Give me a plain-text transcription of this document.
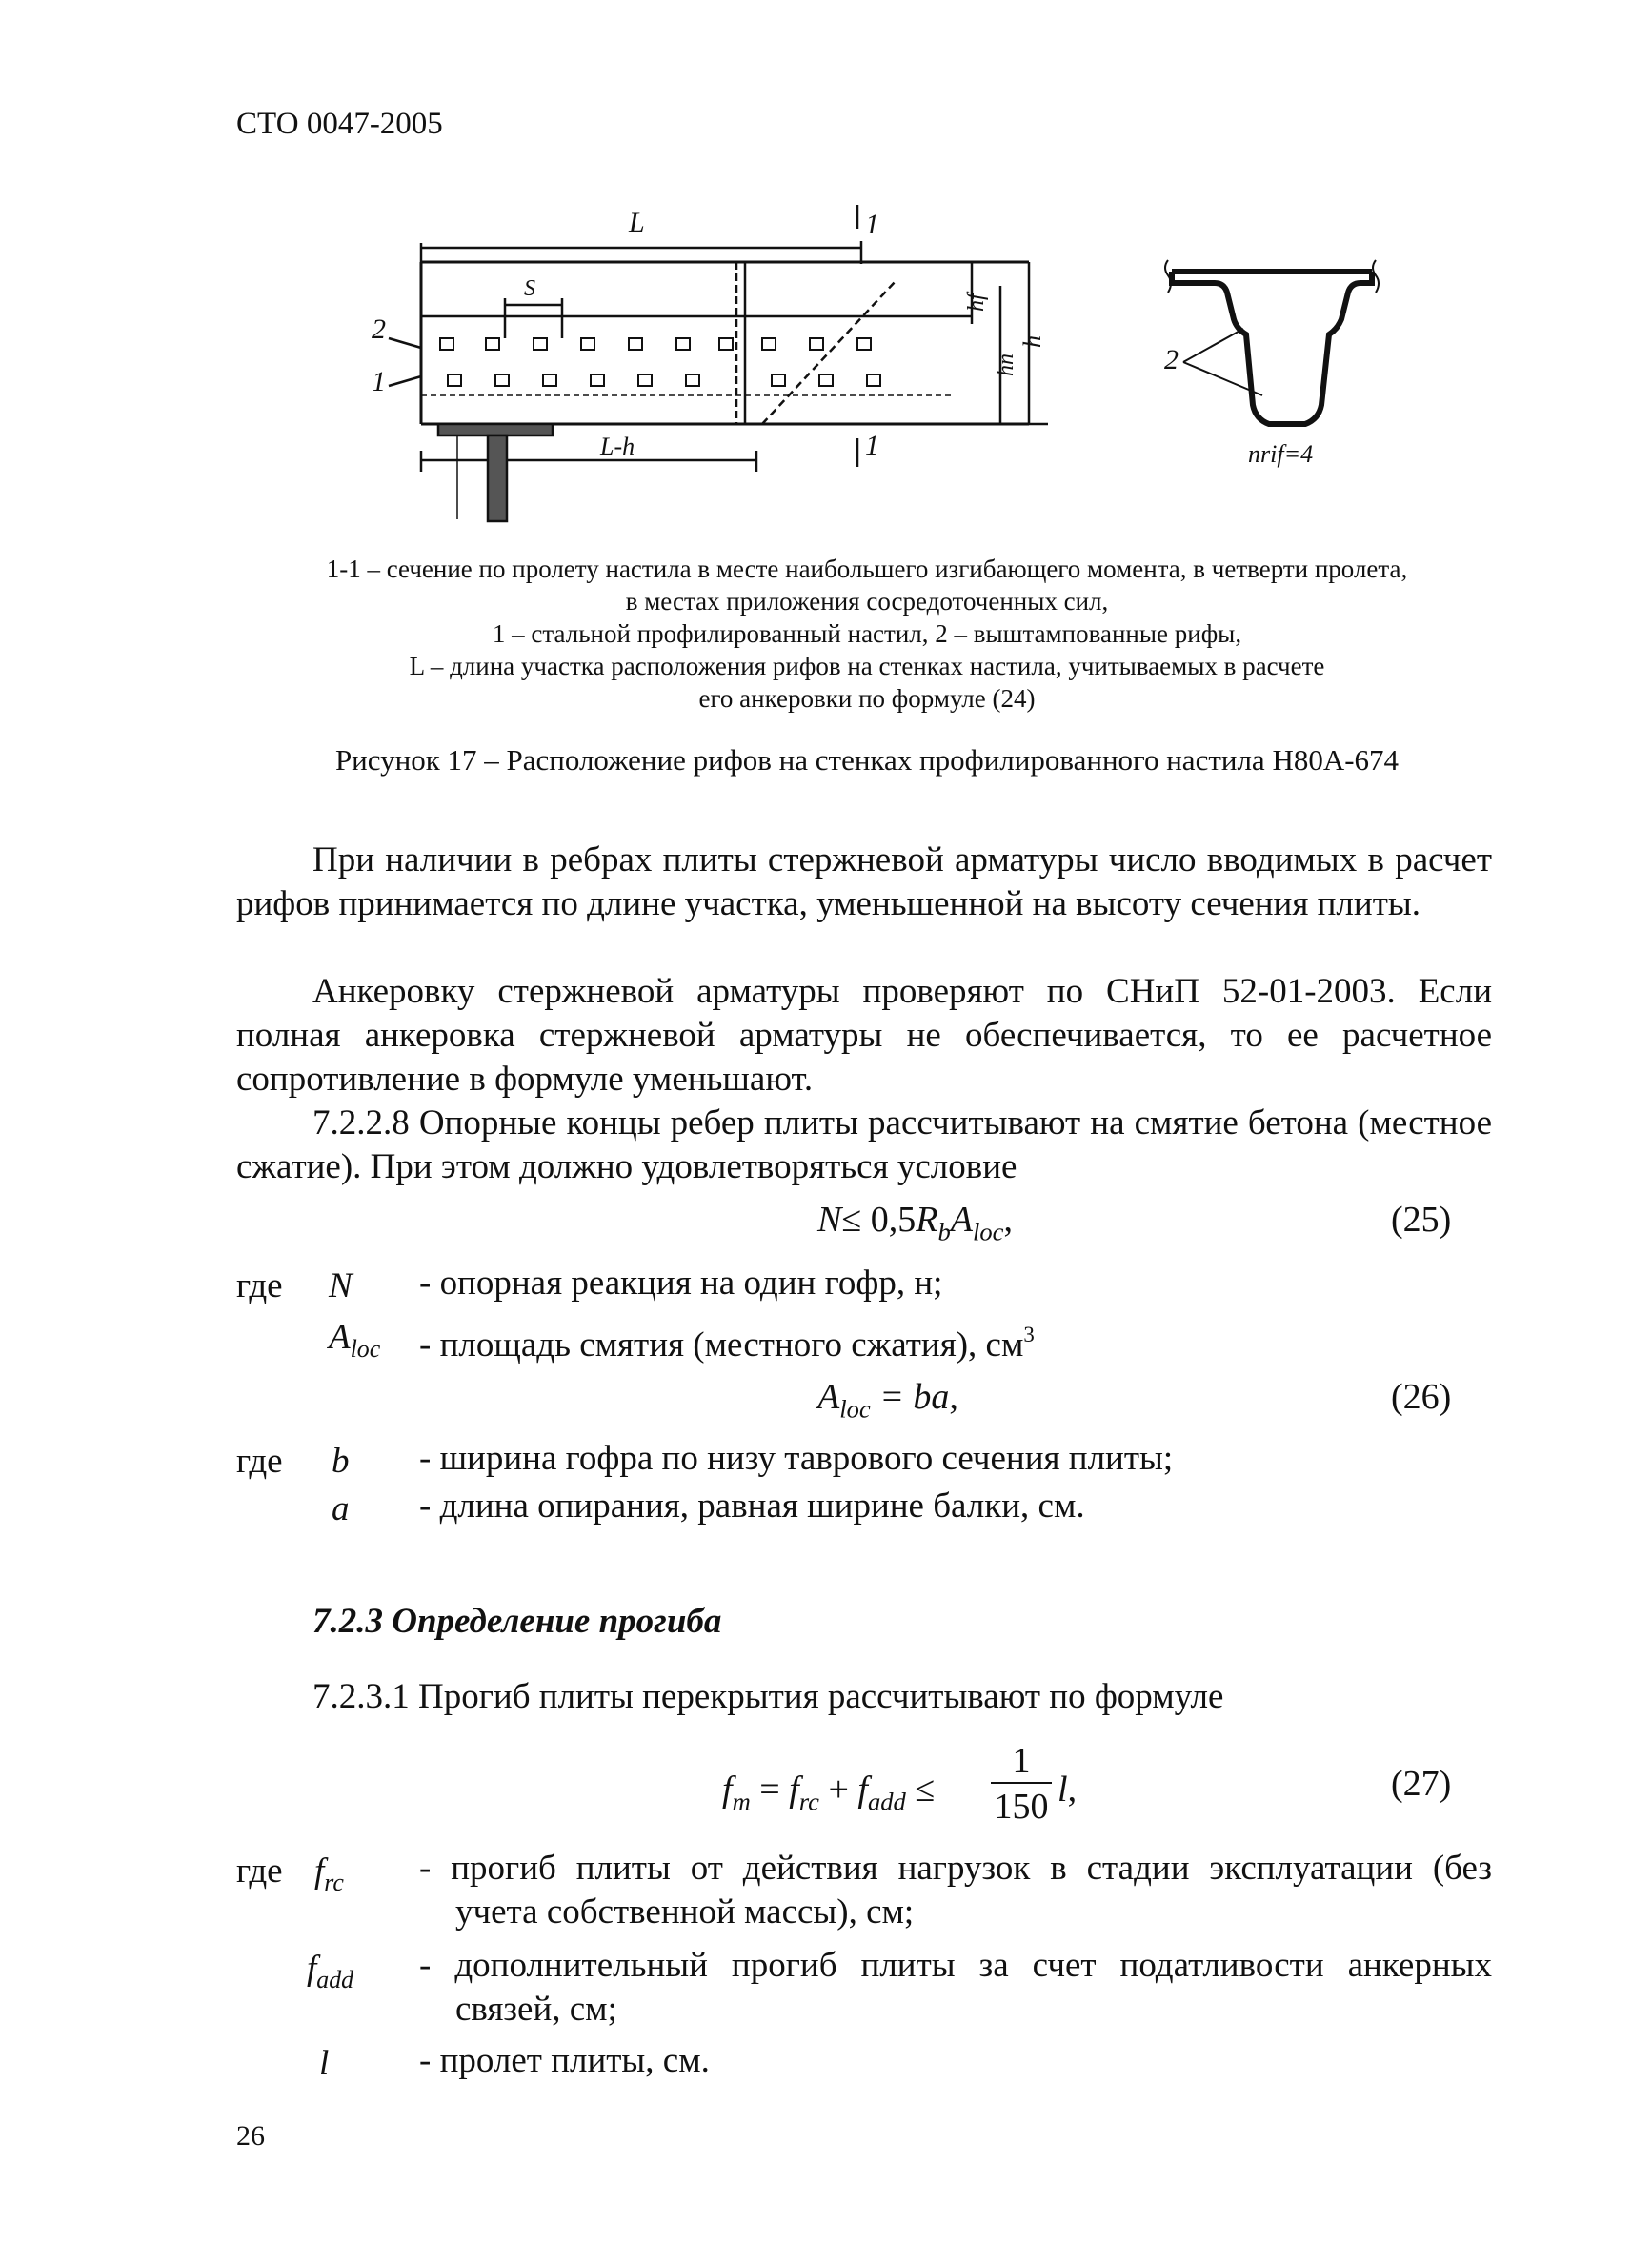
СТО 0047-2005
L	1
S
2
1
L-h	1
hf
hn
h
2
nrif=4
1-1 – сечение по пролету настила в месте наибольшего изгибающего момента, в четверти пролета,
в местах приложения сосредоточенных сил,
1 – стальной профилированный настил, 2 – выштампованные рифы,
L – длина участка расположения рифов на стенках настила, учитываемых в расчете
его анкеровки по формуле (24)
Рисунок 17 – Расположение рифов на стенках профилированного настила Н80А-674
При наличии в ребрах плиты стержневой арматуры число вводимых в расчет рифов принимается по длине участка, уменьшенной на высоту сечения плиты.
Анкеровку стержневой арматуры проверяют по СНиП 52-01-2003. Если полная анкеровка стержневой арматуры не обеспечивается, то ее расчетное сопротивление в формуле уменьшают.
7.2.2.8 Опорные концы ребер плиты рассчитывают на смятие бетона (местное сжатие). При этом должно удовлетворяться условие
$N\le 0,5R_bA_{loc}$,	(25)
где N - опорная реакция на один гофр, н;
$A_{loc}$ - площадь смятия (местного сжатия), $см^3$
$A_{loc}$ = ba,	(26)
где b - ширина гофра по низу таврового сечения плиты;
a - длина опирания, равная ширине балки, см.
7.2.3 Определение прогиба
7.2.3.1 Прогиб плиты перекрытия рассчитывают по формуле
$f_m = f_{rc} + f_{add}$ ≤
1
150 l,	(27)
где $f_{rc}$ - прогиб плиты от действия нагрузок в стадии эксплуатации (без
учета собственной массы), см;
$f_{add}$ - дополнительный прогиб плиты за счет податливости анкерных
связей, см;
l	- пролет плиты, см.
26
